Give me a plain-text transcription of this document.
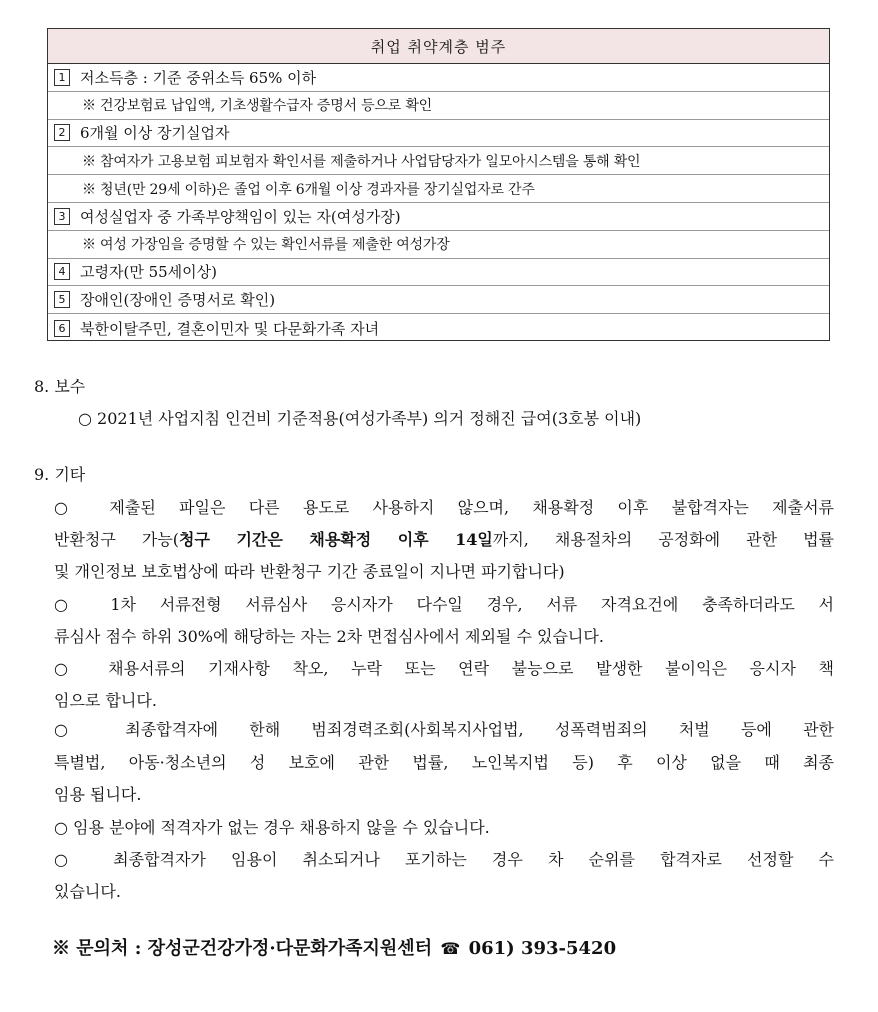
취업 취약계층 범주
1 저소득층 : 기준 중위소득 65% 이하
※ 건강보험료 납입액, 기초생활수급자 증명서 등으로 확인
2 6개월 이상 장기실업자
※ 참여자가 고용보험 피보험자 확인서를 제출하거나 사업담당자가 일모아시스템을 통해 확인
※ 청년(만 29세 이하)은 졸업 이후 6개월 이상 경과자를 장기실업자로 간주
3 여성실업자 중 가족부양책임이 있는 자(여성가장)
※ 여성 가장임을 증명할 수 있는 확인서류를 제출한 여성가장
4 고령자(만 55세이상)
5 장애인(장애인 증명서로 확인)
6 북한이탈주민, 결혼이민자 및 다문화가족 자녀
8. 보수
○ 2021년 사업지침 인건비 기준적용(여성가족부) 의거 정해진 급여(3호봉 이내)
9. 기타
○ 제출된 파일은 다른 용도로 사용하지 않으며, 채용확정 이후 불합격자는 제출서류
반환청구 가능(청구 기간은 채용확정 이후 14일까지, 채용절차의 공정화에 관한 법률
및 개인정보 보호법상에 따라 반환청구 기간 종료일이 지나면 파기합니다)
○ 1차 서류전형 서류심사 응시자가 다수일 경우, 서류 자격요건에 충족하더라도 서
류심사 점수 하위 30%에 해당하는 자는 2차 면접심사에서 제외될 수 있습니다.
○ 채용서류의 기재사항 착오, 누락 또는 연락 불능으로 발생한 불이익은 응시자 책
임으로 합니다.
○ 최종합격자에 한해 범죄경력조회(사회복지사업법, 성폭력범죄의 처벌 등에 관한
특별법, 아동·청소년의 성 보호에 관한 법률, 노인복지법 등) 후 이상 없을 때 최종
임용 됩니다.
○ 임용 분야에 적격자가 없는 경우 채용하지 않을 수 있습니다.
○ 최종합격자가 임용이 취소되거나 포기하는 경우 차 순위를 합격자로 선정할 수
있습니다.
※ 문의처 : 장성군건강가정·다문화가족지원센터 ☎ 061) 393-5420
